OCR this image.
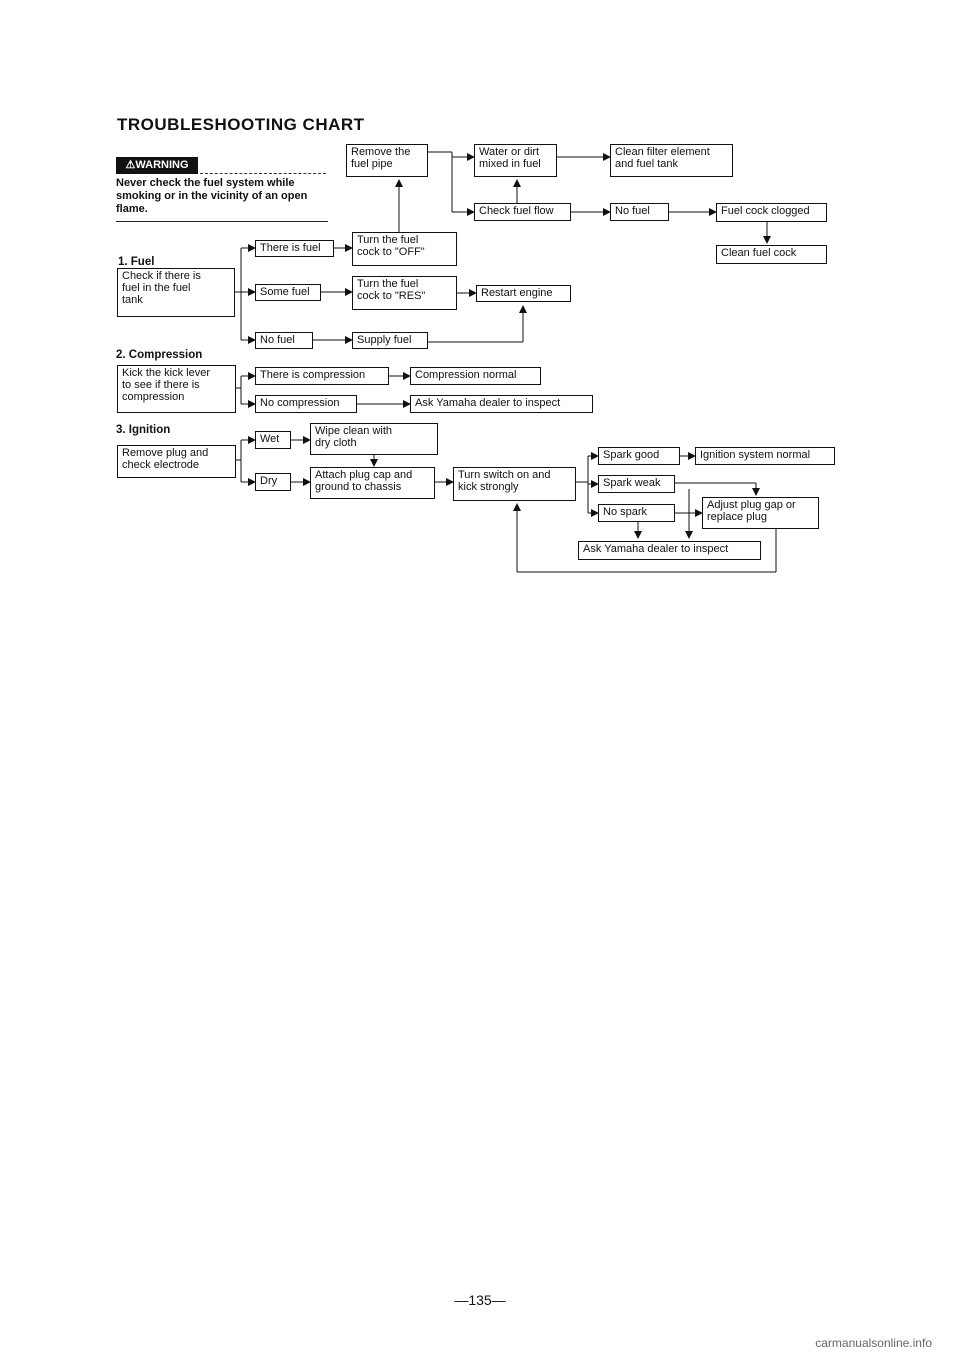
TROUBLESHOOTING CHART
⚠WARNING
Never check the fuel system while smoking or in the vicinity of an open flame.
1. Fuel
2. Compression
3. Ignition
Check if there is
fuel in the fuel
tank
There is fuel
Some fuel
No fuel
Turn the fuel
cock to "OFF"
Turn the fuel
cock to "RES"
Supply fuel
Restart engine
Remove the
fuel pipe
Water or dirt
mixed in fuel
Check fuel flow
Clean filter element
and fuel tank
No fuel	Fuel cock clogged
Clean fuel cock
Kick the kick lever
to see if there is
compression
There is compression	Compression normal
No compression	Ask Yamaha dealer to inspect
Remove plug and
check electrode
Wet
Dry
Wipe clean with
dry cloth
Attach plug cap and
ground to chassis
Turn switch on and
kick strongly
Spark good	Ignition system normal
Spark weak
No spark
Adjust plug gap or
replace plug
Ask Yamaha dealer to inspect
—135—
carmanualsonline.info
